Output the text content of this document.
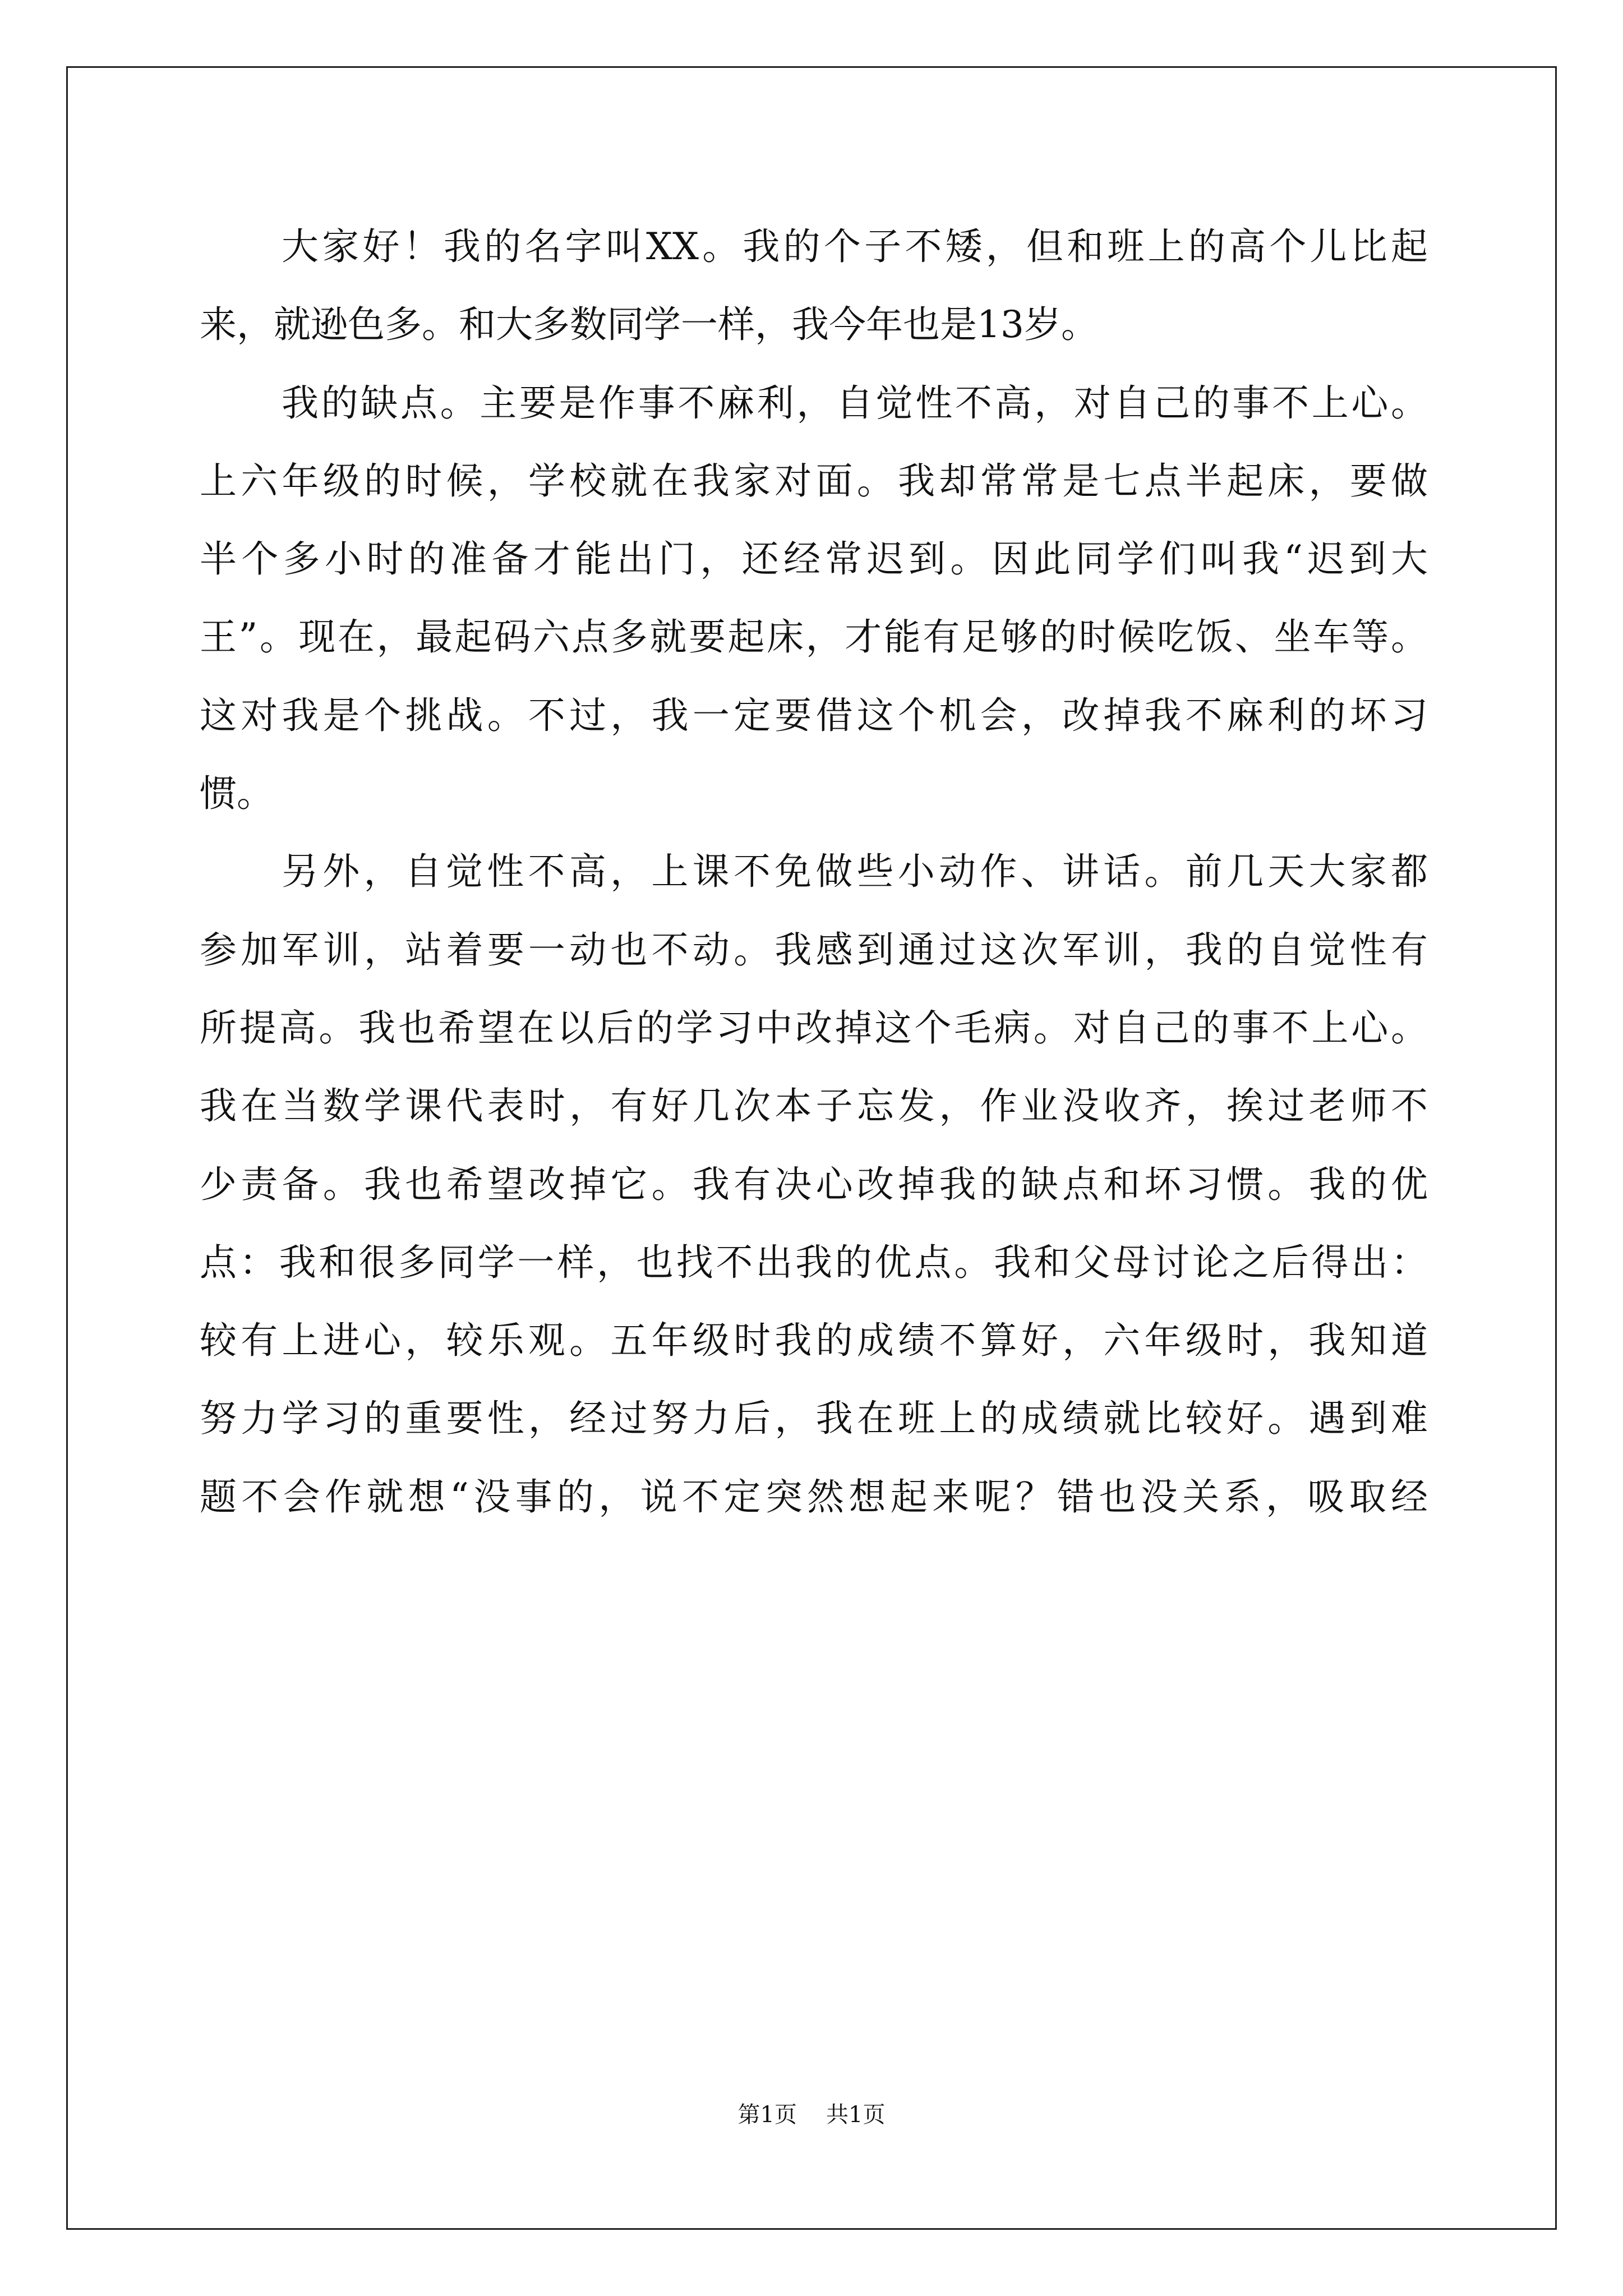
大家好！我的名字叫XX。我的个子不矮，但和班上的高个儿比起
来，就逊色多。和大多数同学一样，我今年也是13岁。
我的缺点。主要是作事不麻利，自觉性不高，对自己的事不上心。
上六年级的时候，学校就在我家对面。我却常常是七点半起床，要做
半个多小时的准备才能出门，还经常迟到。因此同学们叫我“迟到大
王”。现在，最起码六点多就要起床，才能有足够的时候吃饭、坐车等。
这对我是个挑战。不过，我一定要借这个机会，改掉我不麻利的坏习
惯。
另外，自觉性不高，上课不免做些小动作、讲话。前几天大家都
参加军训，站着要一动也不动。我感到通过这次军训，我的自觉性有
所提高。我也希望在以后的学习中改掉这个毛病。对自己的事不上心。
我在当数学课代表时，有好几次本子忘发，作业没收齐，挨过老师不
少责备。我也希望改掉它。我有决心改掉我的缺点和坏习惯。我的优
点：我和很多同学一样，也找不出我的优点。我和父母讨论之后得出：
较有上进心，较乐观。五年级时我的成绩不算好，六年级时，我知道
努力学习的重要性，经过努力后，我在班上的成绩就比较好。遇到难
题不会作就想“没事的，说不定突然想起来呢？错也没关系，吸取经
第1页 共1页
